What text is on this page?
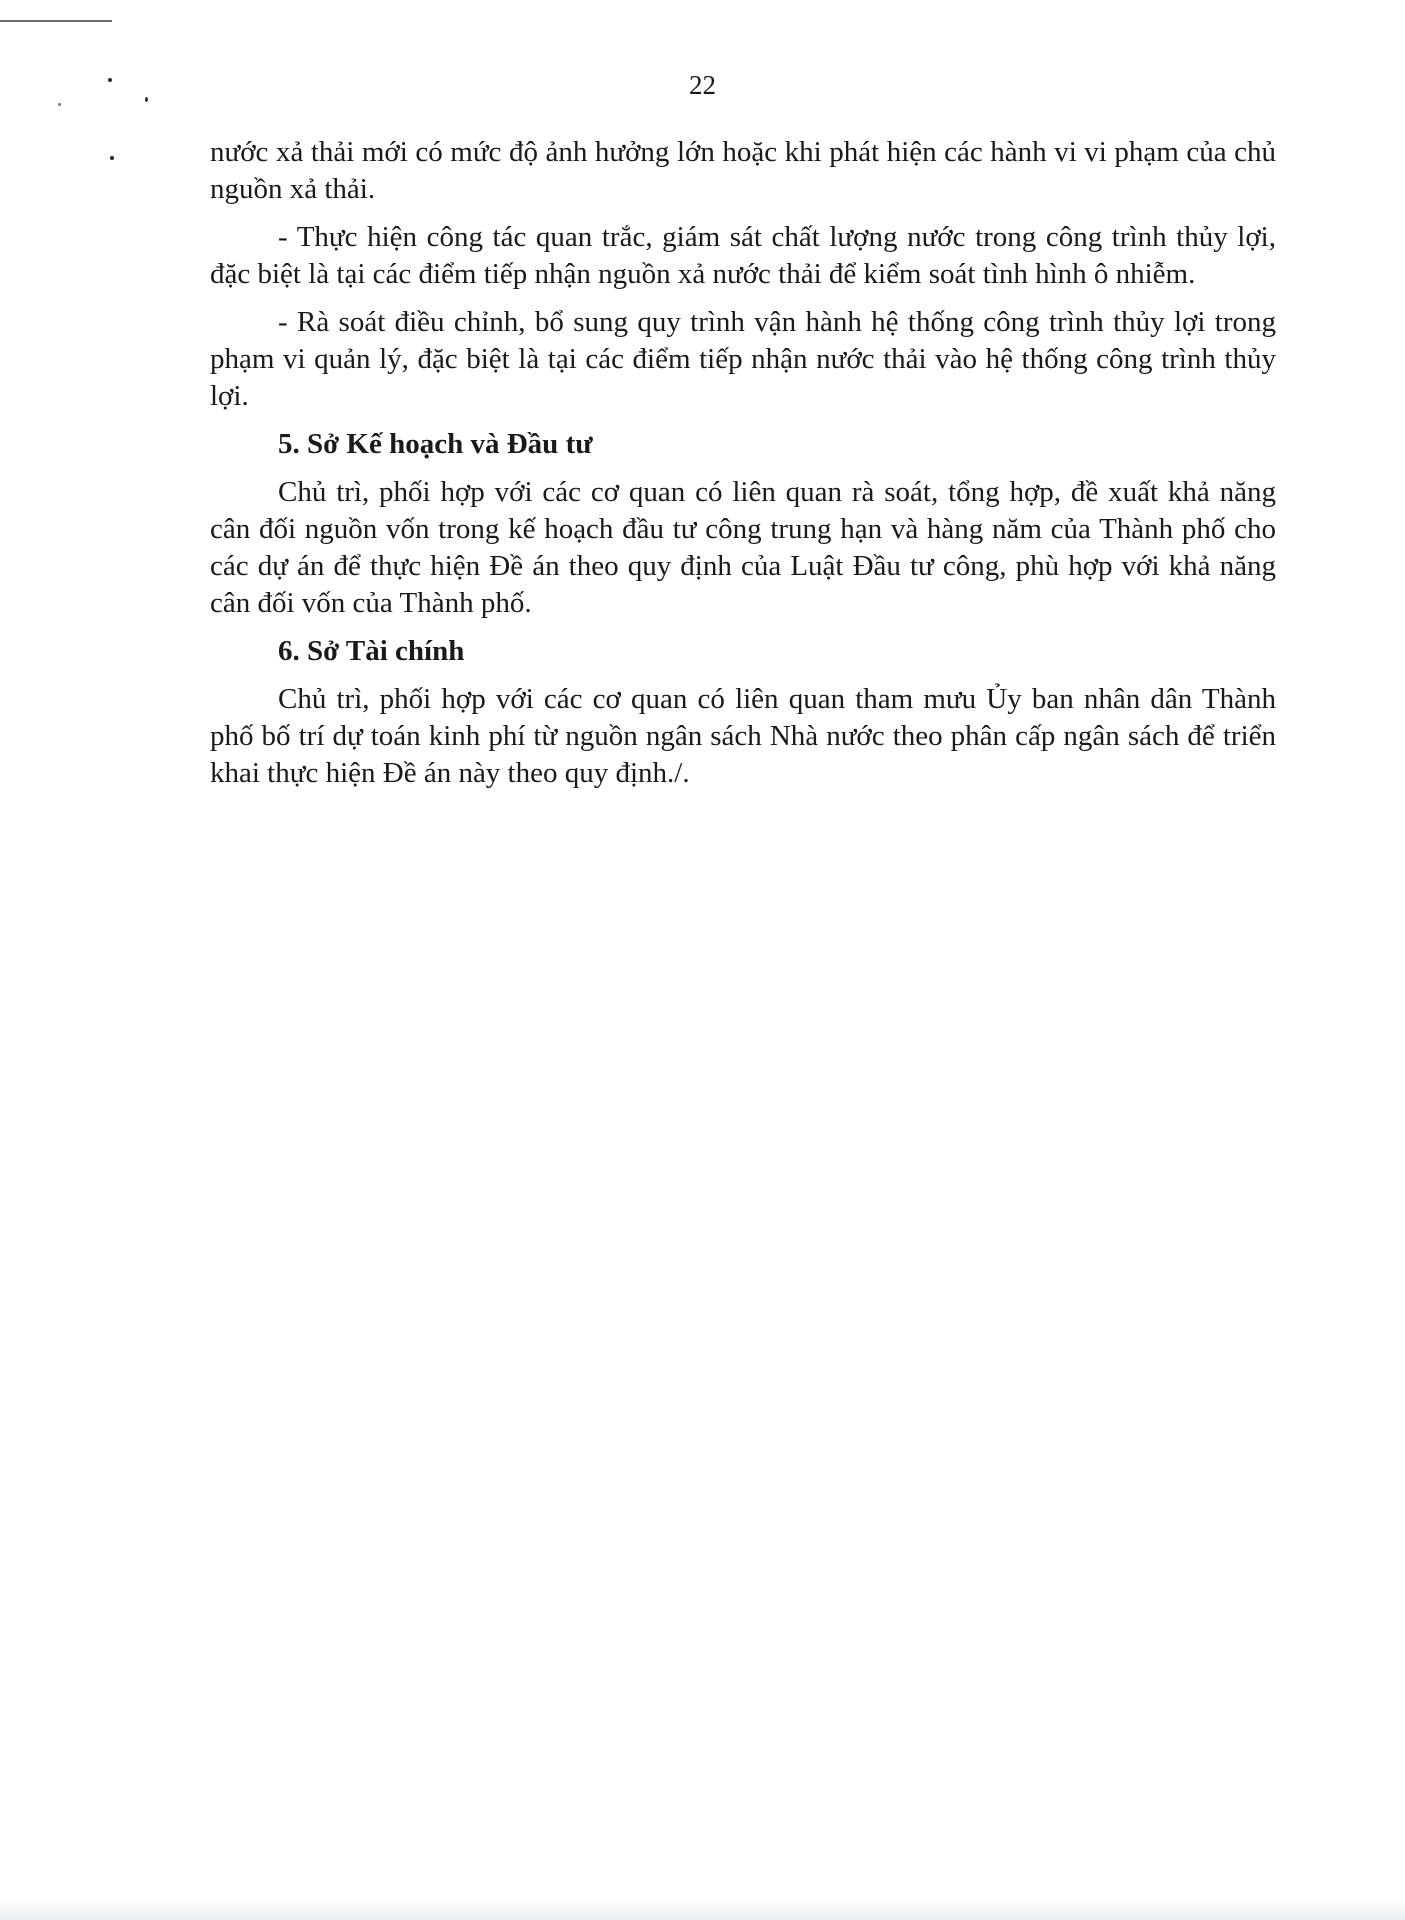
22

nước xả thải mới có mức độ ảnh hưởng lớn hoặc khi phát hiện các hành vi vi phạm của chủ nguồn xả thải.

- Thực hiện công tác quan trắc, giám sát chất lượng nước trong công trình thủy lợi, đặc biệt là tại các điểm tiếp nhận nguồn xả nước thải để kiểm soát tình hình ô nhiễm.

- Rà soát điều chỉnh, bổ sung quy trình vận hành hệ thống công trình thủy lợi trong phạm vi quản lý, đặc biệt là tại các điểm tiếp nhận nước thải vào hệ thống công trình thủy lợi.

5. Sở Kế hoạch và Đầu tư

Chủ trì, phối hợp với các cơ quan có liên quan rà soát, tổng hợp, đề xuất khả năng cân đối nguồn vốn trong kế hoạch đầu tư công trung hạn và hàng năm của Thành phố cho các dự án để thực hiện Đề án theo quy định của Luật Đầu tư công, phù hợp với khả năng cân đối vốn của Thành phố.

6. Sở Tài chính

Chủ trì, phối hợp với các cơ quan có liên quan tham mưu Ủy ban nhân dân Thành phố bố trí dự toán kinh phí từ nguồn ngân sách Nhà nước theo phân cấp ngân sách để triển khai thực hiện Đề án này theo quy định./.
